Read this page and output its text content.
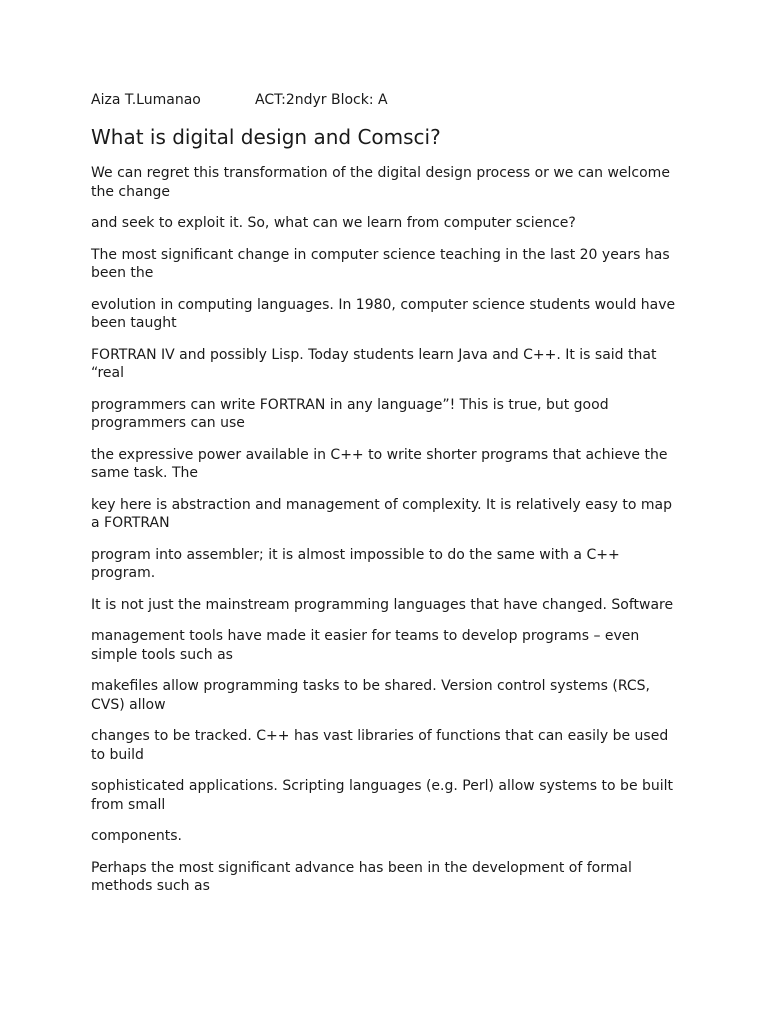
Aiza T.Lumanao	ACT:2ndyr Block: A
What is digital design and Comsci?

We can regret this transformation of the digital design process or we can welcome the change

and seek to exploit it. So, what can we learn from computer science?

The most significant change in computer science teaching in the last 20 years has been the

evolution in computing languages. In 1980, computer science students would have been taught

FORTRAN IV and possibly Lisp. Today students learn Java and C++. It is said that “real

programmers can write FORTRAN in any language”! This is true, but good programmers can use

the expressive power available in C++ to write shorter programs that achieve the same task. The

key here is abstraction and management of complexity. It is relatively easy to map a FORTRAN

program into assembler; it is almost impossible to do the same with a C++ program.

It is not just the mainstream programming languages that have changed. Software

management tools have made it easier for teams to develop programs – even simple tools such as

makefiles allow programming tasks to be shared. Version control systems (RCS, CVS) allow

changes to be tracked. C++ has vast libraries of functions that can easily be used to build

sophisticated applications. Scripting languages (e.g. Perl) allow systems to be built from small

components.

Perhaps the most significant advance has been in the development of formal methods such as
